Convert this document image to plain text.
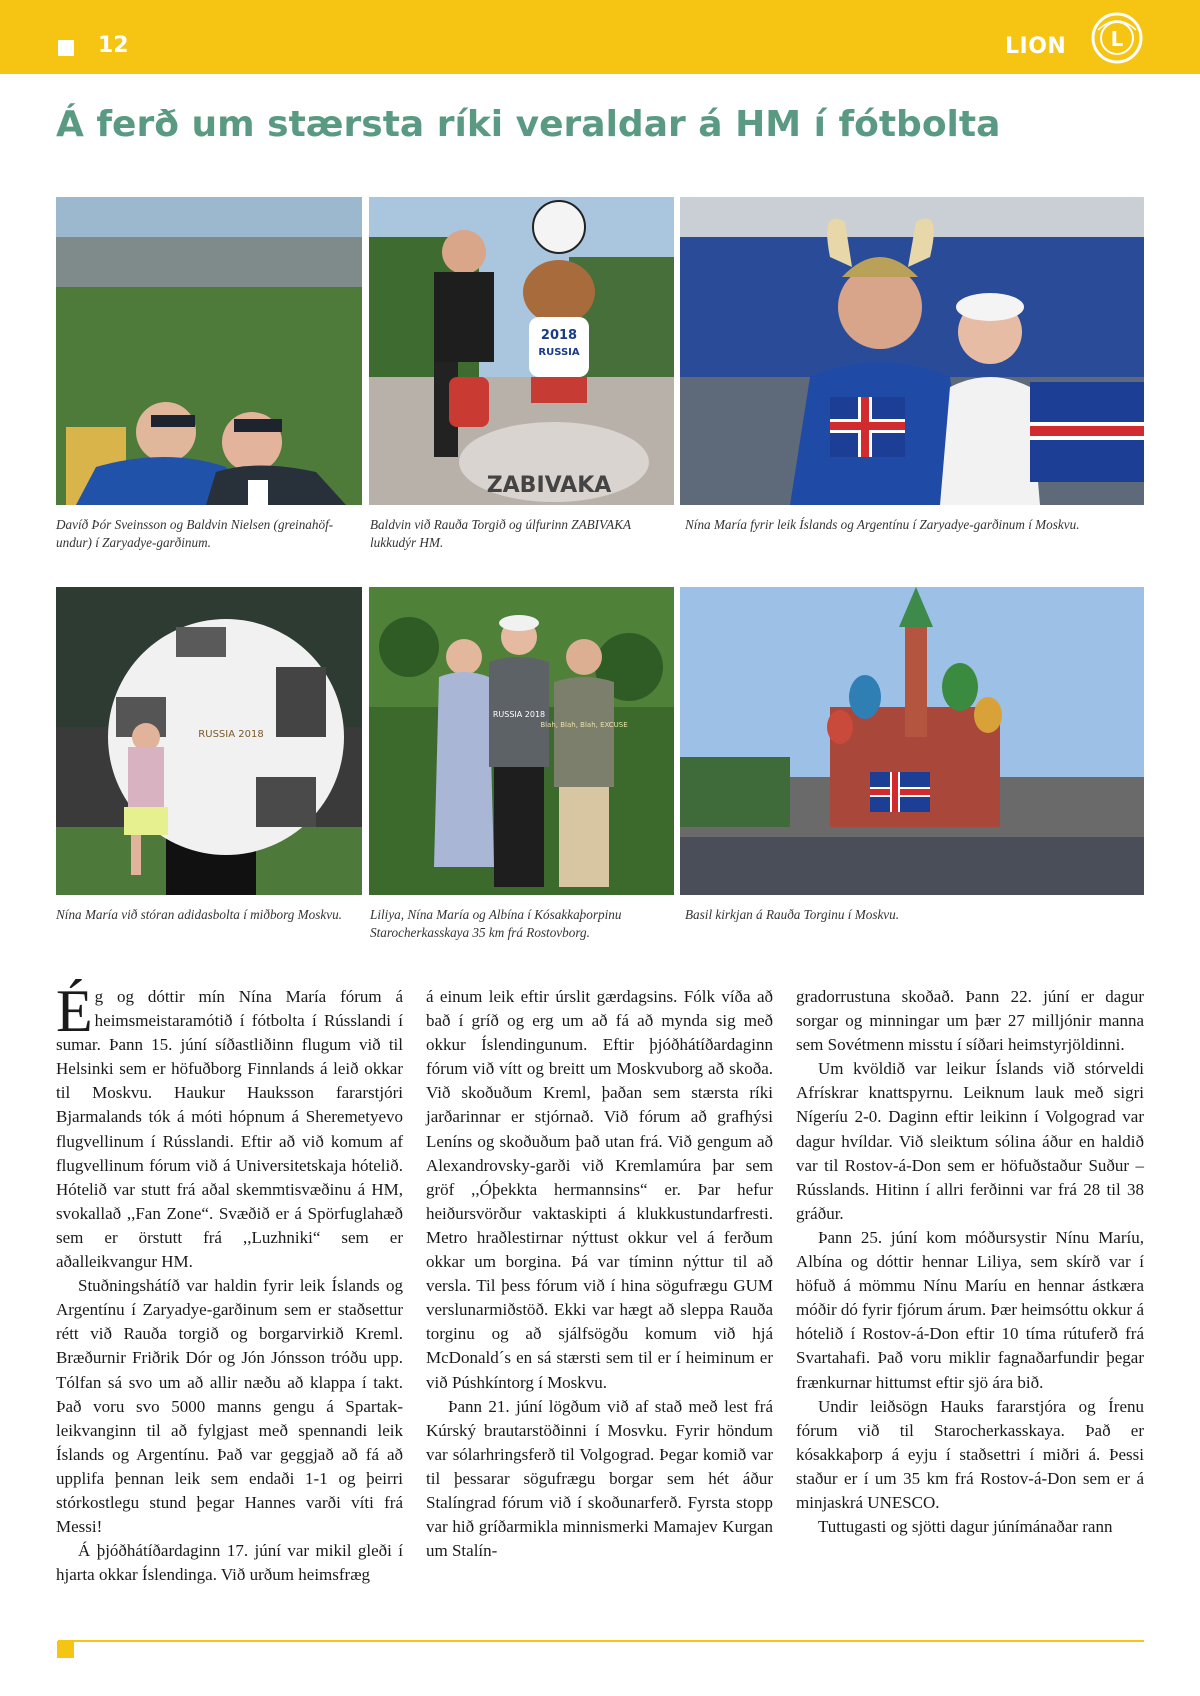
12	LION L
Á ferð um stærsta ríki veraldar á HM í fótbolta
Davíð Þór Sveinsson og Baldvin Nielsen (greinahöf-undur) í Zaryadye-garðinum.
ZABIVAKA
2018
RUSSIA
Baldvin við Rauða Torgið og úlfurinn ZABIVAKA lukkudýr HM.
Nína María fyrir leik Íslands og Argentínu í Zaryadye-garðinum í Moskvu.
RUSSIA 2018
Nína María við stóran adidasbolta í miðborg Moskvu.
RUSSIA 2018
Blah, Blah, Blah, EXCUSE
Liliya, Nína María og Albína í Kósakkaþorpinu Starocherkasskaya 35 km frá Rostovborg.
Basil kirkjan á Rauða Torginu í Moskvu.

Ég og dóttir mín Nína María fórum á heimsmeistaramótið í fótbolta í Rússlandi í sumar. Þann 15. júní síðastliðinn flugum við til Helsinki sem er höfuðborg Finnlands á leið okkar til Moskvu. Haukur Hauksson fararstjóri Bjarmalands tók á móti hópnum á Sheremetyevo flugvellinum í Rússlandi. Eftir að við komum af flugvellinum fórum við á Universitetskaja hótelið. Hótelið var stutt frá aðal skemmtisvæðinu á HM, svokallað ,,Fan Zone“. Svæðið er á Spörfuglahæð sem er örstutt frá ,,Luzhniki“ sem er aðalleikvangur HM.

Stuðningshátíð var haldin fyrir leik Íslands og Argentínu í Zaryadye-garðinum sem er staðsettur rétt við Rauða torgið og borgarvirkið Kreml. Bræðurnir Friðrik Dór og Jón Jónsson tróðu upp. Tólfan sá svo um að allir næðu að klappa í takt. Það voru svo 5000 manns gengu á Spartak-leikvanginn til að fylgjast með spennandi leik Íslands og Argentínu. Það var geggjað að fá að upplifa þennan leik sem endaði 1-1 og þeirri stórkostlegu stund þegar Hannes varði víti frá Messi!

Á þjóðhátíðardaginn 17. júní var mikil gleði í hjarta okkar Íslendinga. Við urðum heimsfræg

á einum leik eftir úrslit gærdagsins. Fólk víða að bað í gríð og erg um að fá að mynda sig með okkur Íslendingunum. Eftir þjóðhátíðardaginn fórum við vítt og breitt um Moskvuborg að skoða. Við skoðuðum Kreml, þaðan sem stærsta ríki jarðarinnar er stjórnað. Við fórum að grafhýsi Leníns og skoðuðum það utan frá. Við gengum að Alexandrovsky-garði við Kremlamúra þar sem gröf ,,Óþekkta hermannsins“ er. Þar hefur heiðursvörður vaktaskipti á klukkustundarfresti. Metro hraðlestirnar nýttust okkur vel á ferðum okkar um borgina. Þá var tíminn nýttur til að versla. Til þess fórum við í hina sögufrægu GUM verslunarmiðstöð. Ekki var hægt að sleppa Rauða torginu og að sjálfsögðu komum við hjá McDonald´s en sá stærsti sem til er í heiminum er við Púshkíntorg í Moskvu.

Þann 21. júní lögðum við af stað með lest frá Kúrský brautarstöðinni í Mosvku. Fyrir höndum var sólarhringsferð til Volgograd. Þegar komið var til þessarar sögufrægu borgar sem hét áður Stalíngrad fórum við í skoðunarferð. Fyrsta stopp var hið gríðarmikla minnismerki Mamajev Kurgan um Stalín-

gradorrustuna skoðað. Þann 22. júní er dagur sorgar og minningar um þær 27 milljónir manna sem Sovétmenn misstu í síðari heimstyrjöldinni.

Um kvöldið var leikur Íslands við stórveldi Afrískrar knattspyrnu. Leiknum lauk með sigri Nígeríu 2-0. Daginn eftir leikinn í Volgograd var dagur hvíldar. Við sleiktum sólina áður en haldið var til Rostov-á-Don sem er höfuðstaður Suður – Rússlands. Hitinn í allri ferðinni var frá 28 til 38 gráður.

Þann 25. júní kom móðursystir Nínu Maríu, Albína og dóttir hennar Liliya, sem skírð var í höfuð á mömmu Nínu Maríu en hennar ástkæra móðir dó fyrir fjórum árum. Þær heimsóttu okkur á hótelið í Rostov-á-Don eftir 10 tíma rútuferð frá Svartahafi. Það voru miklir fagnaðarfundir þegar frænkurnar hittumst eftir sjö ára bið.

Undir leiðsögn Hauks fararstjóra og Írenu fórum við til Starocherkasskaya. Það er kósakkaþorp á eyju í staðsettri í miðri á. Þessi staður er í um 35 km frá Rostov-á-Don sem er á minjaskrá UNESCO.

Tuttugasti og sjötti dagur júnímánaðar rann
